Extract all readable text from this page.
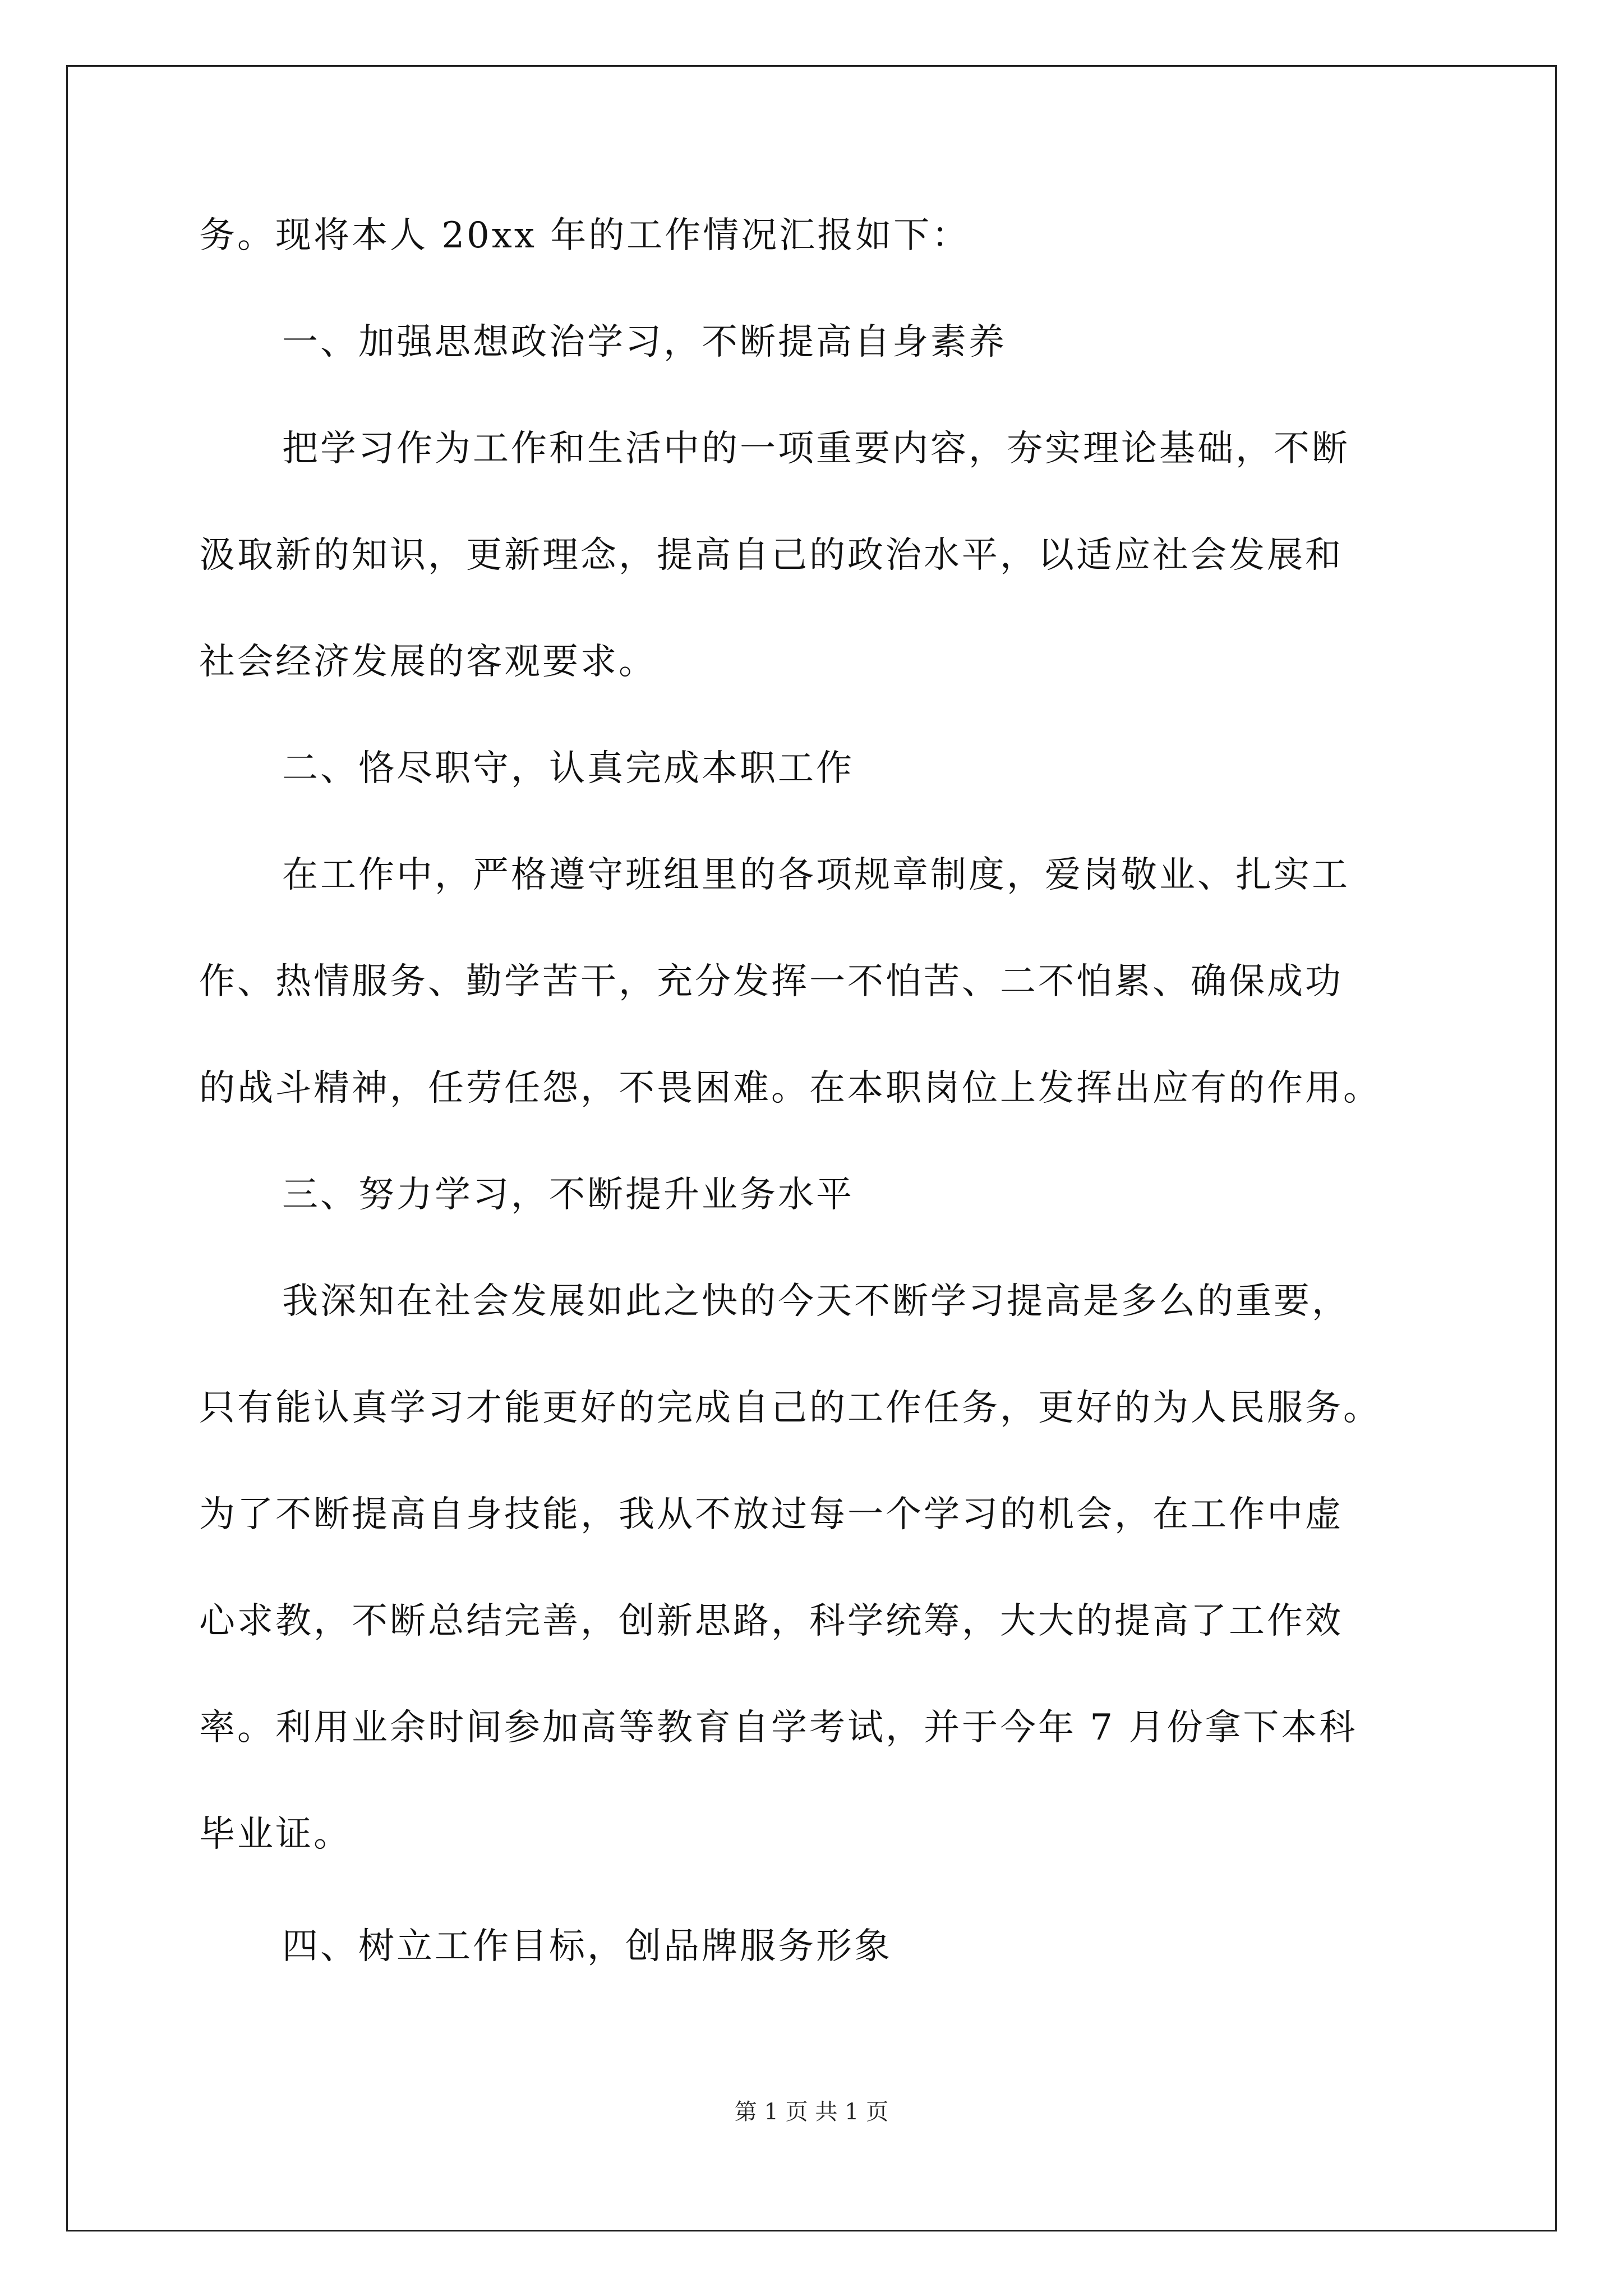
务。现将本人 20xx 年的工作情况汇报如下：
一、加强思想政治学习，不断提高自身素养
把学习作为工作和生活中的一项重要内容，夯实理论基础，不断
汲取新的知识，更新理念，提高自己的政治水平，以适应社会发展和
社会经济发展的客观要求。
二、恪尽职守，认真完成本职工作
在工作中，严格遵守班组里的各项规章制度，爱岗敬业、扎实工
作、热情服务、勤学苦干，充分发挥一不怕苦、二不怕累、确保成功
的战斗精神，任劳任怨，不畏困难。在本职岗位上发挥出应有的作用。
三、努力学习，不断提升业务水平
我深知在社会发展如此之快的今天不断学习提高是多么的重要，
只有能认真学习才能更好的完成自己的工作任务，更好的为人民服务。
为了不断提高自身技能，我从不放过每一个学习的机会，在工作中虚
心求教，不断总结完善，创新思路，科学统筹，大大的提高了工作效
率。利用业余时间参加高等教育自学考试，并于今年 7 月份拿下本科
毕业证。
四、树立工作目标，创品牌服务形象
第 1 页 共 1 页
